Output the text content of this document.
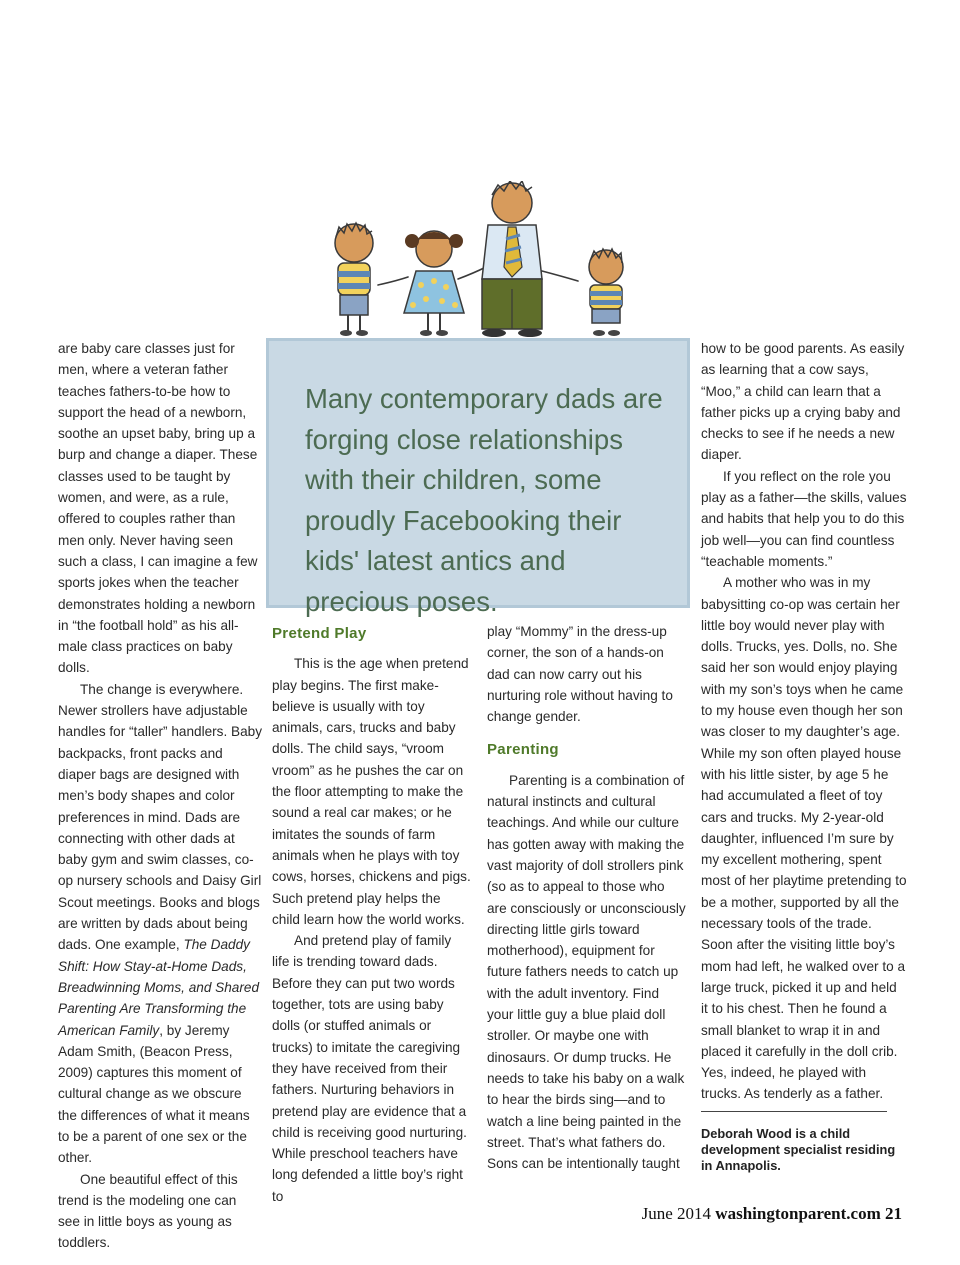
are baby care classes just for men, where a veteran father teaches fathers-to-be how to support the head of a newborn, soothe an upset baby, bring up a burp and change a diaper. These classes used to be taught by women, and were, as a rule, offered to couples rather than men only. Never having seen such a class, I can imagine a few sports jokes when the teacher demonstrates holding a newborn in “the football hold” as his all-male class practices on baby dolls.

The change is everywhere. Newer strollers have adjustable handles for “taller” handlers. Baby backpacks, front packs and diaper bags are designed with men’s body shapes and color preferences in mind. Dads are connecting with other dads at baby gym and swim classes, co-op nursery schools and Daisy Girl Scout meetings. Books and blogs are written by dads about being dads. One example, The Daddy Shift: How Stay-at-Home Dads, Breadwinning Moms, and Shared Parenting Are Transforming the American Family, by Jeremy Adam Smith, (Beacon Press, 2009) captures this moment of cultural change as we obscure the differences of what it means to be a parent of one sex or the other.

One beautiful effect of this trend is the modeling one can see in little boys as young as toddlers.

Many contemporary dads are forging close relationships with their children, some proudly Facebooking their kids' latest antics and precious poses.

Pretend Play

This is the age when pretend play begins. The first make-believe is usually with toy animals, cars, trucks and baby dolls. The child says, “vroom vroom” as he pushes the car on the floor attempting to make the sound a real car makes; or he imitates the sounds of farm animals when he plays with toy cows, horses, chickens and pigs. Such pretend play helps the child learn how the world works.

And pretend play of family life is trending toward dads. Before they can put two words together, tots are using baby dolls (or stuffed animals or trucks) to imitate the caregiving they have received from their fathers. Nurturing behaviors in pretend play are evidence that a child is receiving good nurturing. While preschool teachers have long defended a little boy’s right to

play “Mommy” in the dress-up corner, the son of a hands-on dad can now carry out his nurturing role without having to change gender.

Parenting

Parenting is a combination of natural instincts and cultural teachings. And while our culture has gotten away with making the vast majority of doll strollers pink (so as to appeal to those who are consciously or unconsciously directing little girls toward motherhood), equipment for future fathers needs to catch up with the adult inventory. Find your little guy a blue plaid doll stroller. Or maybe one with dinosaurs. Or dump trucks. He needs to take his baby on a walk to hear the birds sing—and to watch a line being painted in the street. That’s what fathers do. Sons can be intentionally taught

how to be good parents. As easily as learning that a cow says, “Moo,” a child can learn that a father picks up a crying baby and checks to see if he needs a new diaper.

If you reflect on the role you play as a father—the skills, values and habits that help you to do this job well—you can find countless “teachable moments.”

A mother who was in my babysitting co-op was certain her little boy would never play with dolls. Trucks, yes. Dolls, no. She said her son would enjoy playing with my son’s toys when he came to my house even though her son was closer to my daughter’s age. While my son often played house with his little sister, by age 5 he had accumulated a fleet of toy cars and trucks. My 2-year-old daughter, influenced I’m sure by my excellent mothering, spent most of her playtime pretending to be a mother, supported by all the necessary tools of the trade. Soon after the visiting little boy’s mom had left, he walked over to a large truck, picked it up and held it to his chest. Then he found a small blanket to wrap it in and placed it carefully in the doll crib. Yes, indeed, he played with trucks. As tenderly as a father.

Deborah Wood is a child development specialist residing in Annapolis.
June 2014 washingtonparent.com 21
